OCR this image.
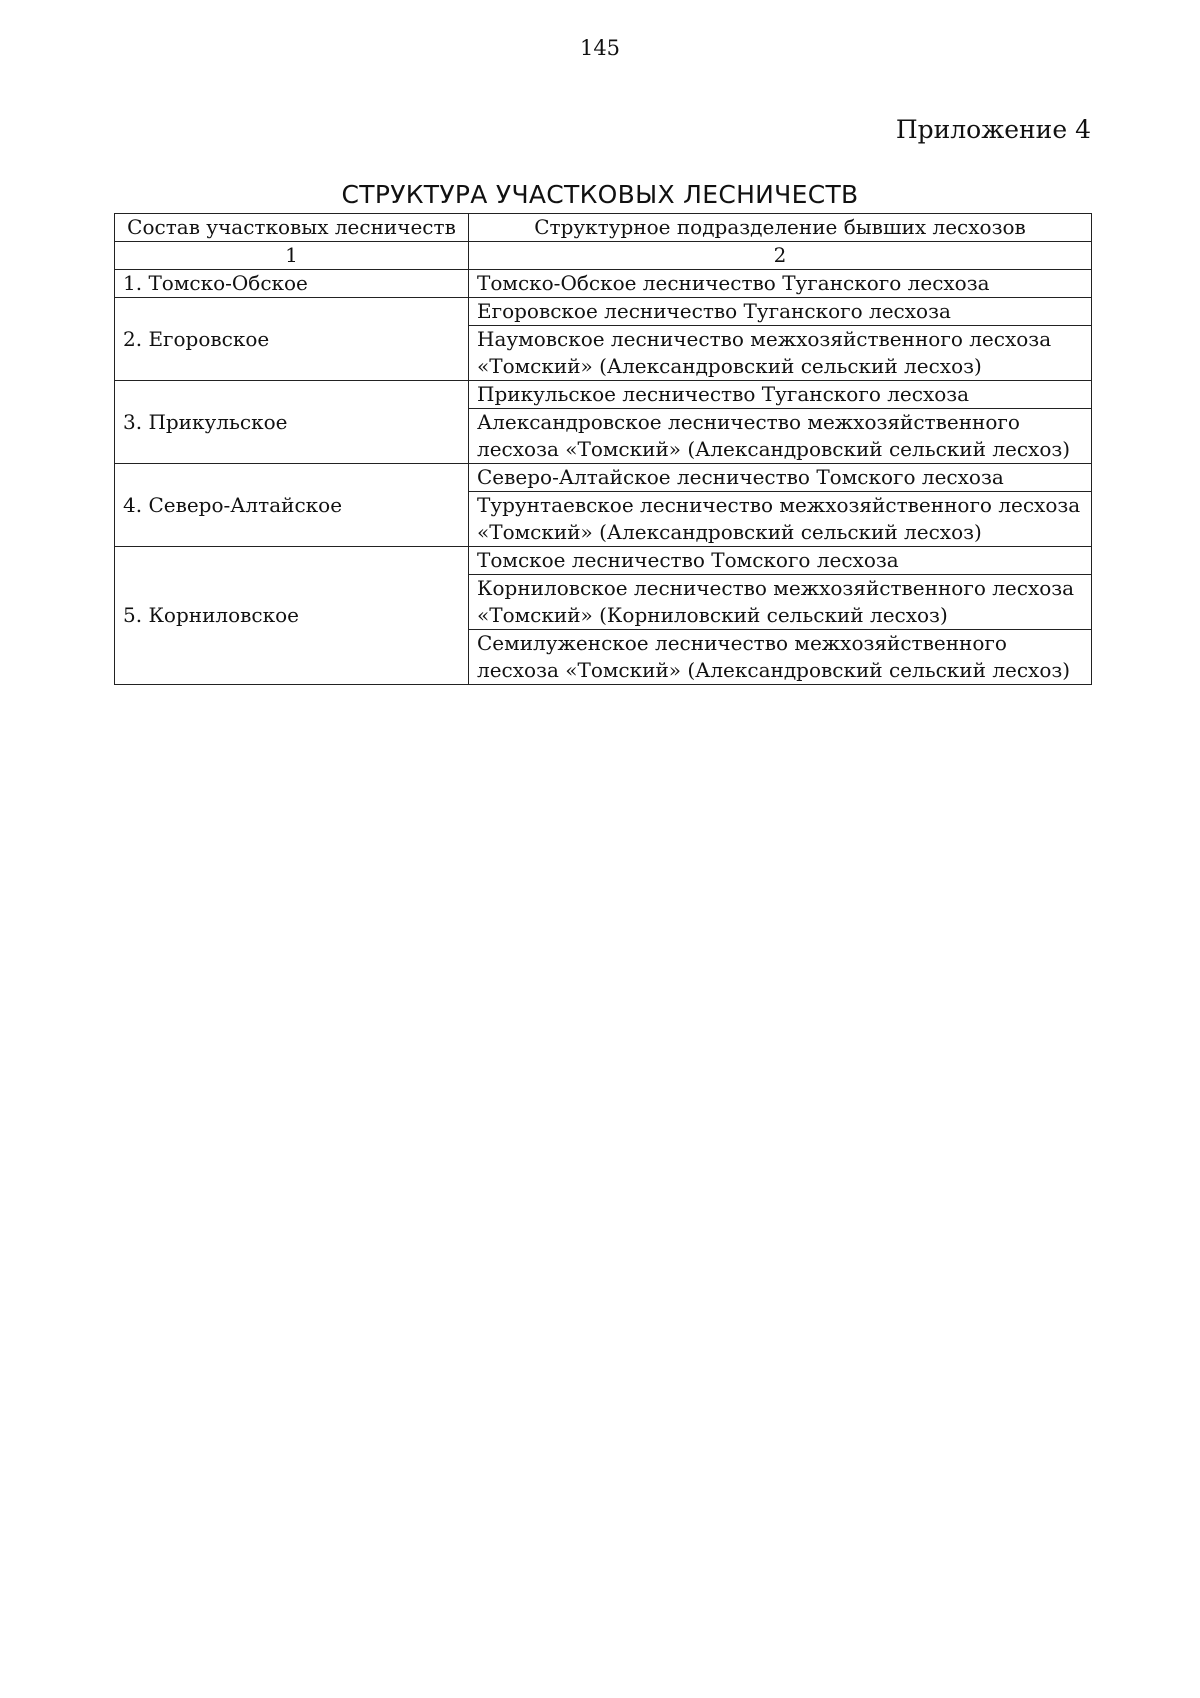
145
Приложение 4
СТРУКТУРА УЧАСТКОВЫХ ЛЕСНИЧЕСТВ
Состав участковых лесничеств	Структурное подразделение бывших лесхозов
1	2
1. Томско-Обское	Томско-Обское лесничество Туганского лесхоза
2. Егоровское	Егоровское лесничество Туганского лесхоза
	Наумовское лесничество межхозяйственного лесхоза «Томский» (Александровский сельский лесхоз)
3. Прикульское	Прикульское лесничество Туганского лесхоза
	Александровское лесничество межхозяйственного лесхоза «Томский» (Александровский сельский лесхоз)
4. Северо-Алтайское	Северо-Алтайское лесничество Томского лесхоза
	Турунтаевское лесничество межхозяйственного лесхоза «Томский» (Александровский сельский лесхоз)
5. Корниловское	Томское лесничество Томского лесхоза
	Корниловское лесничество межхозяйственного лесхоза «Томский» (Корниловский сельский лесхоз)
	Семилуженское лесничество межхозяйственного лесхоза «Томский» (Александровский сельский лесхоз)
